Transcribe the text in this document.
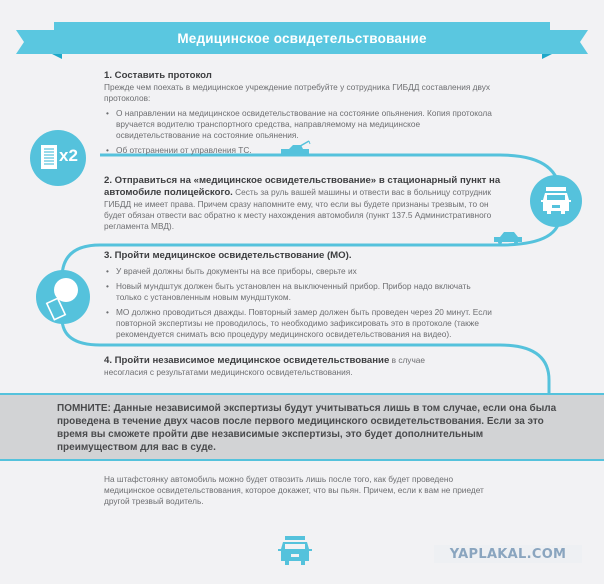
Медицинское освидетельствование
1. Составить протокол
Прежде чем поехать в медицинское учреждение потребуйте у сотрудника ГИБДД составления двух протоколов:
• О направлении на медицинское освидетельствование на состояние опьянения. Копия протокола вручается водителю транспортного средства, направляемому на медицинское освидетельствование на состояние опьянения.
• Об отстранении от управления ТС.
x2
2. Отправиться на «медицинское освидетельствование» в стационарный пункт на автомобиле полицейского. Сесть за руль вашей машины и отвести вас в больницу сотрудник ГИБДД не имеет права. Причем сразу напомните ему, что если вы будете признаны трезвым, то он будет обязан отвести вас обратно к месту нахождения автомобиля (пункт 137.5 Административного регламента МВД).
3. Пройти медицинское освидетельствование (МО).
• У врачей должны быть документы на все приборы, сверьте их
• Новый мундштук должен быть установлен на выключенный прибор. Прибор надо включать только с установленным новым мундштуком.
• МО должно проводиться дважды. Повторный замер должен быть проведен через 20 минут. Если повторной экспертизы не проводилось, то необходимо зафиксировать это в протоколе (также рекомендуется снимать всю процедуру медицинского освидетельствования на видео).
4. Пройти независимое медицинское освидетельствование в случае несогласия с результатами медицинского освидетельствования.
ПОМНИТЕ: Данные независимой экспертизы будут учитываться лишь в том случае, если она была проведена в течение двух часов после первого медицинского освидетельствования. Если за это время вы сможете пройти две независимые экспертизы, это будет дополнительным преимуществом для вас в суде.
На штафстоянку автомобиль можно будет отвозить лишь после того, как будет проведено медицинское освидетельствования, которое докажет, что вы пьян. Причем, если к вам не приедет другой трезвый водитель.
YAPLAKAL.COM
